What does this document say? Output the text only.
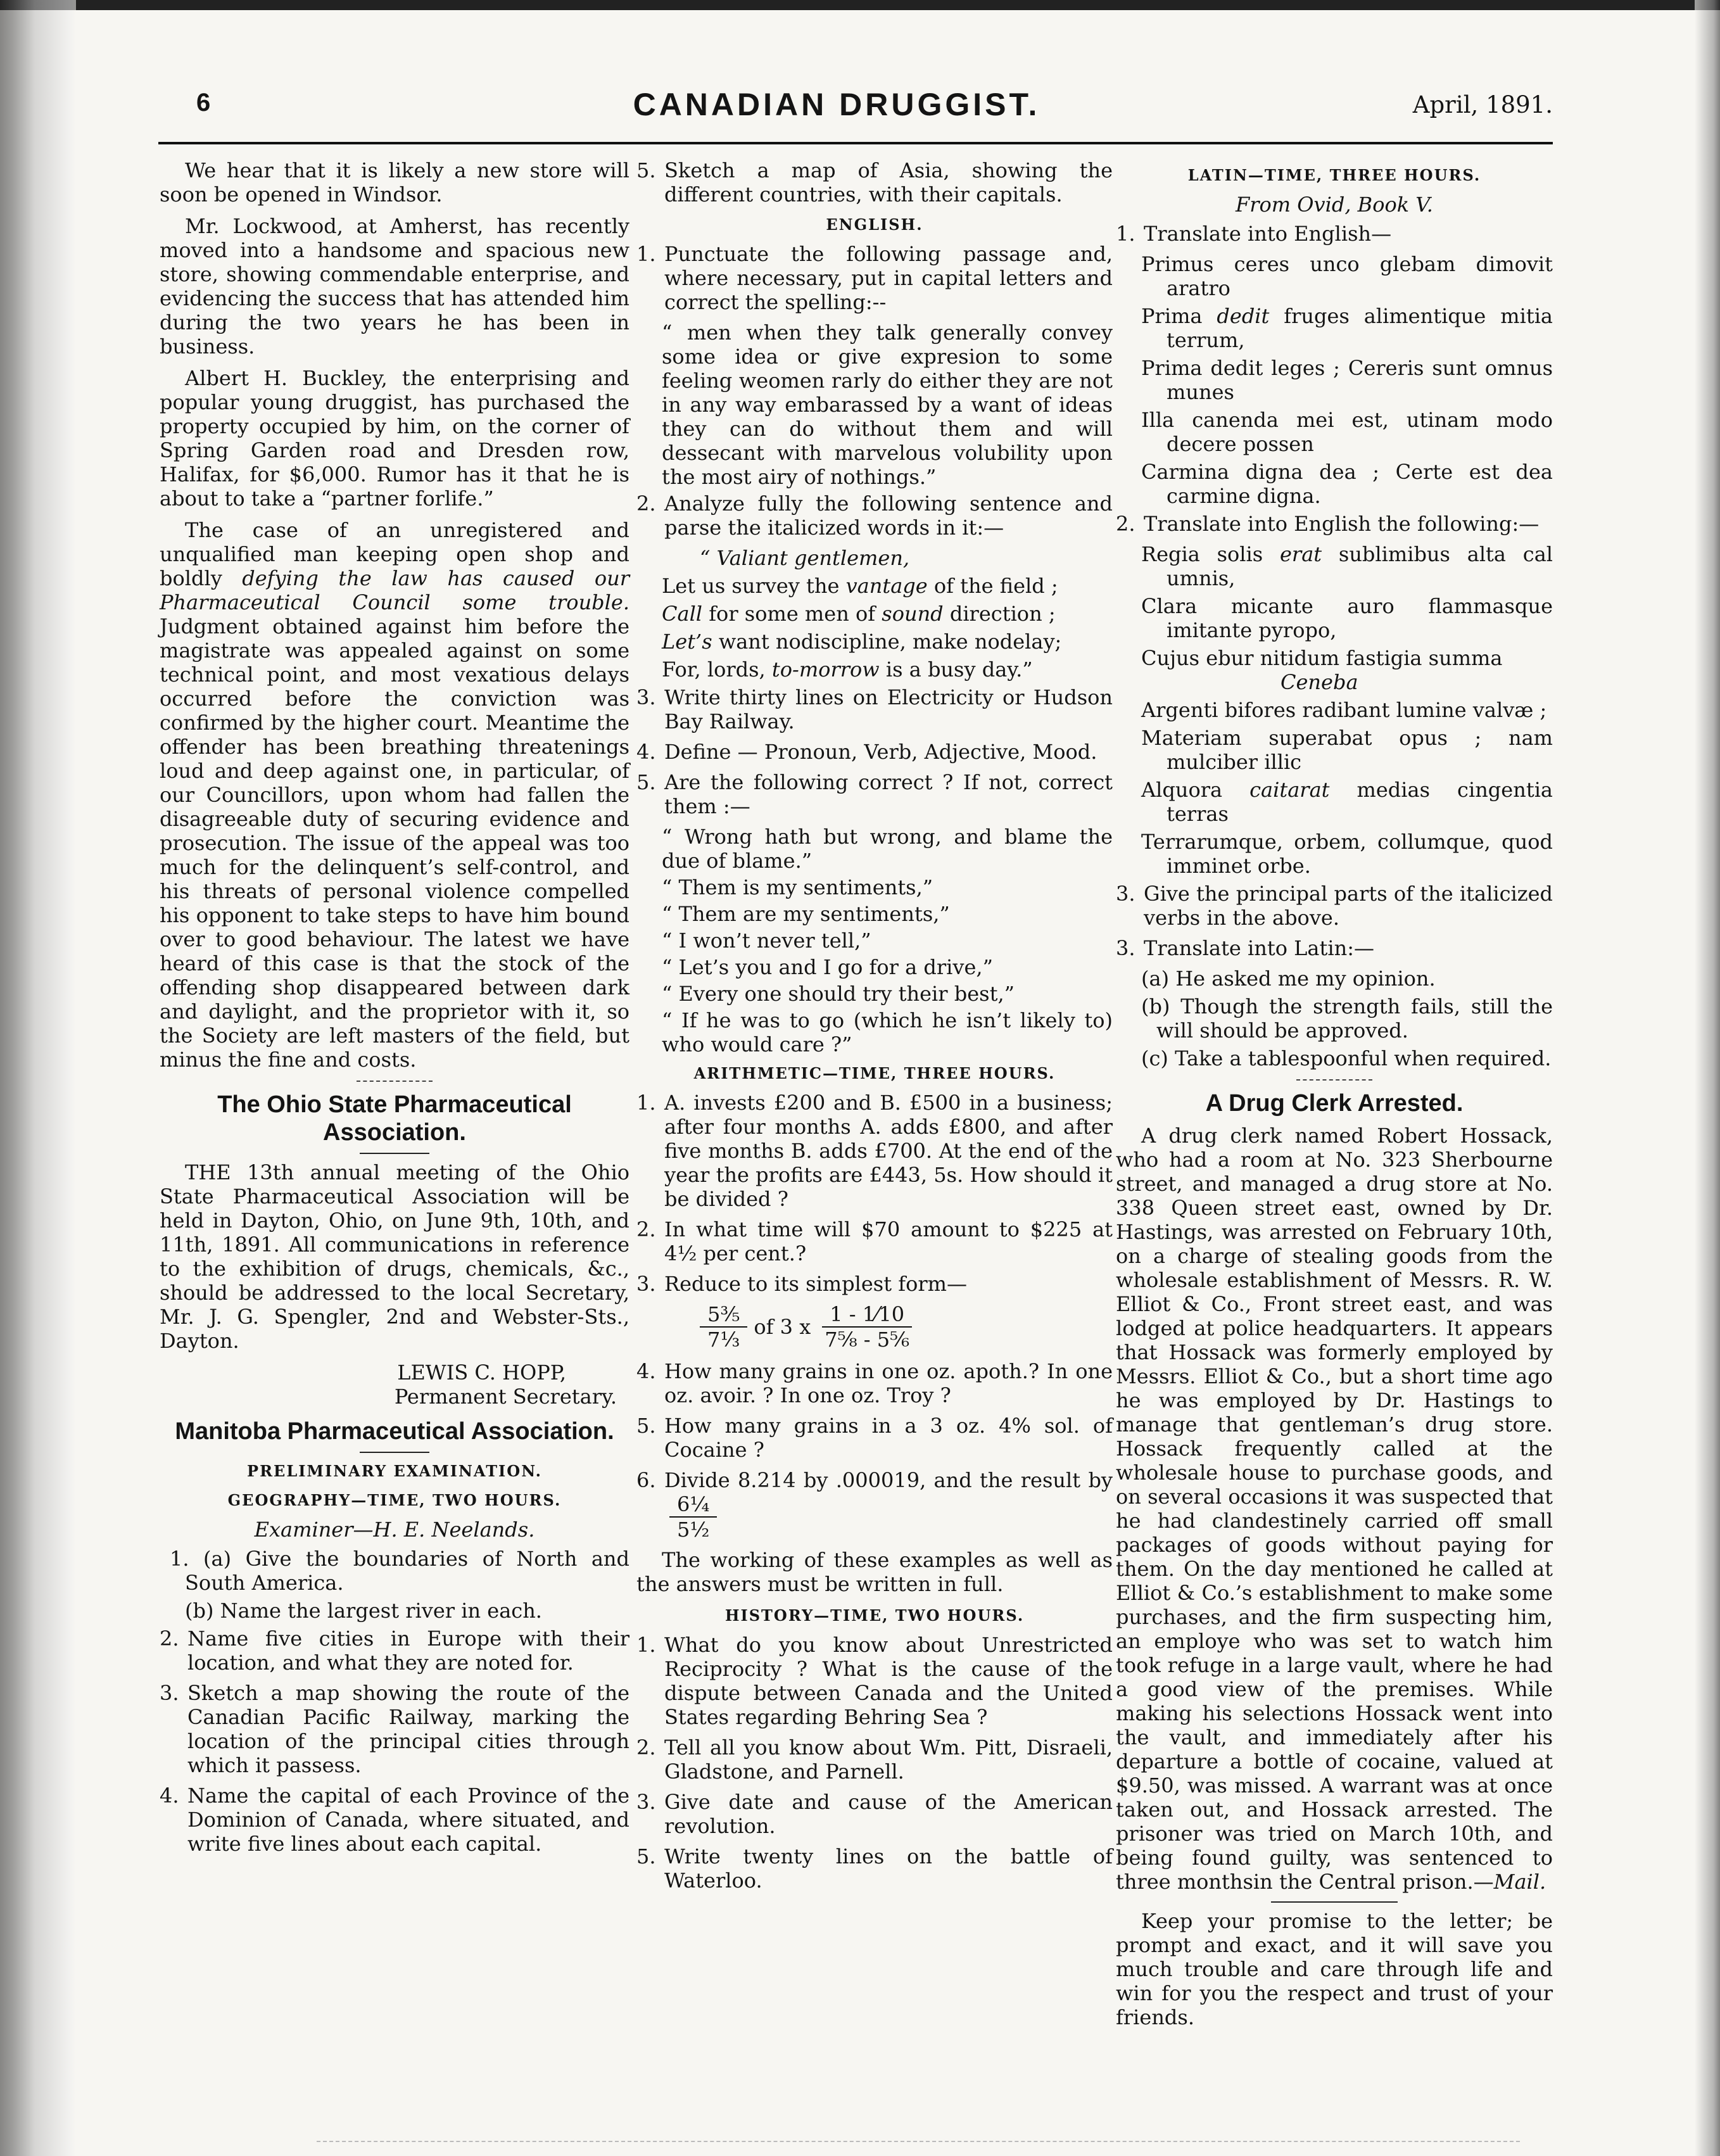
6	CANADIAN DRUGGIST.	April, 1891.

We hear that it is likely a new store will soon be opened in Windsor.

Mr. Lockwood, at Amherst, has recently moved into a handsome and spacious new store, showing commendable enterprise, and evidencing the success that has attended him during the two years he has been in business.

Albert H. Buckley, the enterprising and popular young druggist, has purchased the property occupied by him, on the corner of Spring Garden road and Dresden row, Halifax, for $6,000. Rumor has it that he is about to take a “partner forlife.”

The case of an unregistered and unqualified man keeping open shop and boldly defying the law has caused our Pharmaceutical Council some trouble. Judgment obtained against him before the magistrate was appealed against on some technical point, and most vexatious delays occurred before the conviction was confirmed by the higher court. Meantime the offender has been breathing threatenings loud and deep against one, in particular, of our Councillors, upon whom had fallen the disagreeable duty of securing evidence and prosecution. The issue of the appeal was too much for the delinquent’s self-control, and his threats of personal violence compelled his opponent to take steps to have him bound over to good behaviour. The latest we have heard of this case is that the stock of the offending shop disappeared between dark and daylight, and the proprietor with it, so the Society are left masters of the field, but minus the fine and costs.

The Ohio State Pharmaceutical Association.

THE 13th annual meeting of the Ohio State Pharmaceutical Association will be held in Dayton, Ohio, on June 9th, 10th, and 11th, 1891. All communications in reference to the exhibition of drugs, chemicals, &c., should be addressed to the local Secretary, Mr. J. G. Spengler, 2nd and Webster-Sts., Dayton.

LEWIS C. HOPP,

Permanent Secretary.

Manitoba Pharmaceutical Association.
PRELIMINARY EXAMINATION.
GEOGRAPHY—TIME, TWO HOURS.
Examiner—H. E. Neelands.

1. (a) Give the boundaries of North and South America.

(b) Name the largest river in each.

2. Name five cities in Europe with their location, and what they are noted for.
3. Sketch a map showing the route of the Canadian Pacific Railway, marking the location of the principal cities through which it passess.
4. Name the capital of each Province of the Dominion of Canada, where situated, and write five lines about each capital.
5. Sketch a map of Asia, showing the different countries, with their capitals.
ENGLISH.
1. Punctuate the following passage and, where necessary, put in capital letters and correct the spelling:--

“ men when they talk generally convey some idea or give expresion to some feeling weomen rarly do either they are not in any way embarassed by a want of ideas they can do without them and will dessecant with marvelous volubility upon the most airy of nothings.”

2. Analyze fully the following sentence and parse the italicized words in it:—

“ Valiant gentlemen,

Let us survey the vantage of the field ;

Call for some men of sound direction ;

Let’s want nodiscipline, make nodelay;

For, lords, to-morrow is a busy day.”

3. Write thirty lines on Electricity or Hudson Bay Railway.
4. Define — Pronoun, Verb, Adjective, Mood.
5. Are the following correct ? If not, correct them :—

“ Wrong hath but wrong, and blame the due of blame.”

“ Them is my sentiments,”

“ Them are my sentiments,”

“ I won’t never tell,”

“ Let’s you and I go for a drive,”

“ Every one should try their best,”

“ If he was to go (which he isn’t likely to) who would care ?”

ARITHMETIC—TIME, THREE HOURS.
1. A. invests £200 and B. £500 in a business; after four months A. adds £800, and after five months B. adds £700. At the end of the year the profits are £443, 5s. How should it be divided ?
2. In what time will $70 amount to $225 at 4½ per cent.?
3. Reduce to its simplest form—
$\frac{\text{5⅗}}{\text{7⅓}}$ of 3 x $\frac{1 - 1⁄10}{\text{7⅝ - 5⅚}}$
4. How many grains in one oz. apoth.? In one oz. avoir. ? In one oz. Troy ?
5. How many grains in a 3 oz. 4% sol. of Cocaine ?
6. Divide 8.214 by .000019, and the result by
$\frac{\text{6¼}}{\text{5½}}$

The working of these examples as well as the answers must be written in full.

HISTORY—TIME, TWO HOURS.
1. What do you know about Unrestricted Reciprocity ? What is the cause of the dispute between Canada and the United States regarding Behring Sea ?
2. Tell all you know about Wm. Pitt, Disraeli, Gladstone, and Parnell.
3. Give date and cause of the American revolution.
5. Write twenty lines on the battle of Waterloo.
LATIN—TIME, THREE HOURS.
From Ovid, Book V.
1. Translate into English—

Primus ceres unco glebam dimovit aratro

Prima dedit fruges alimentique mitia terrum,

Prima dedit leges ; Cereris sunt omnus munes

Illa canenda mei est, utinam modo decere possen

Carmina digna dea ; Certe est dea carmine digna.

2. Translate into English the following:—

Regia solis erat sublimibus alta cal umnis,

Clara micante auro flammasque imitante pyropo,

Cujus ebur nitidum fastigia summa
Ceneba

Argenti bifores radibant lumine valvæ ;

Materiam superabat opus ; nam mulciber illic

Alquora caitarat medias cingentia terras

Terrarumque, orbem, collumque, quod imminet orbe.

3. Give the principal parts of the italicized verbs in the above.
3. Translate into Latin:—

(a) He asked me my opinion.

(b) Though the strength fails, still the will should be approved.

(c) Take a tablespoonful when required.

A Drug Clerk Arrested.

A drug clerk named Robert Hossack, who had a room at No. 323 Sherbourne street, and managed a drug store at No. 338 Queen street east, owned by Dr. Hastings, was arrested on February 10th, on a charge of stealing goods from the wholesale establishment of Messrs. R. W. Elliot & Co., Front street east, and was lodged at police headquarters. It appears that Hossack was formerly employed by Messrs. Elliot & Co., but a short time ago he was employed by Dr. Hastings to manage that gentleman’s drug store. Hossack frequently called at the wholesale house to purchase goods, and on several occasions it was suspected that he had clandestinely carried off small packages of goods without paying for them. On the day mentioned he called at Elliot & Co.’s establishment to make some purchases, and the firm suspecting him, an employe who was set to watch him took refuge in a large vault, where he had a good view of the premises. While making his selections Hossack went into the vault, and immediately after his departure a bottle of cocaine, valued at $9.50, was missed. A warrant was at once taken out, and Hossack arrested. The prisoner was tried on March 10th, and being found guilty, was sentenced to three monthsin the Central prison.—Mail.

Keep your promise to the letter; be prompt and exact, and it will save you much trouble and care through life and win for you the respect and trust of your friends.
